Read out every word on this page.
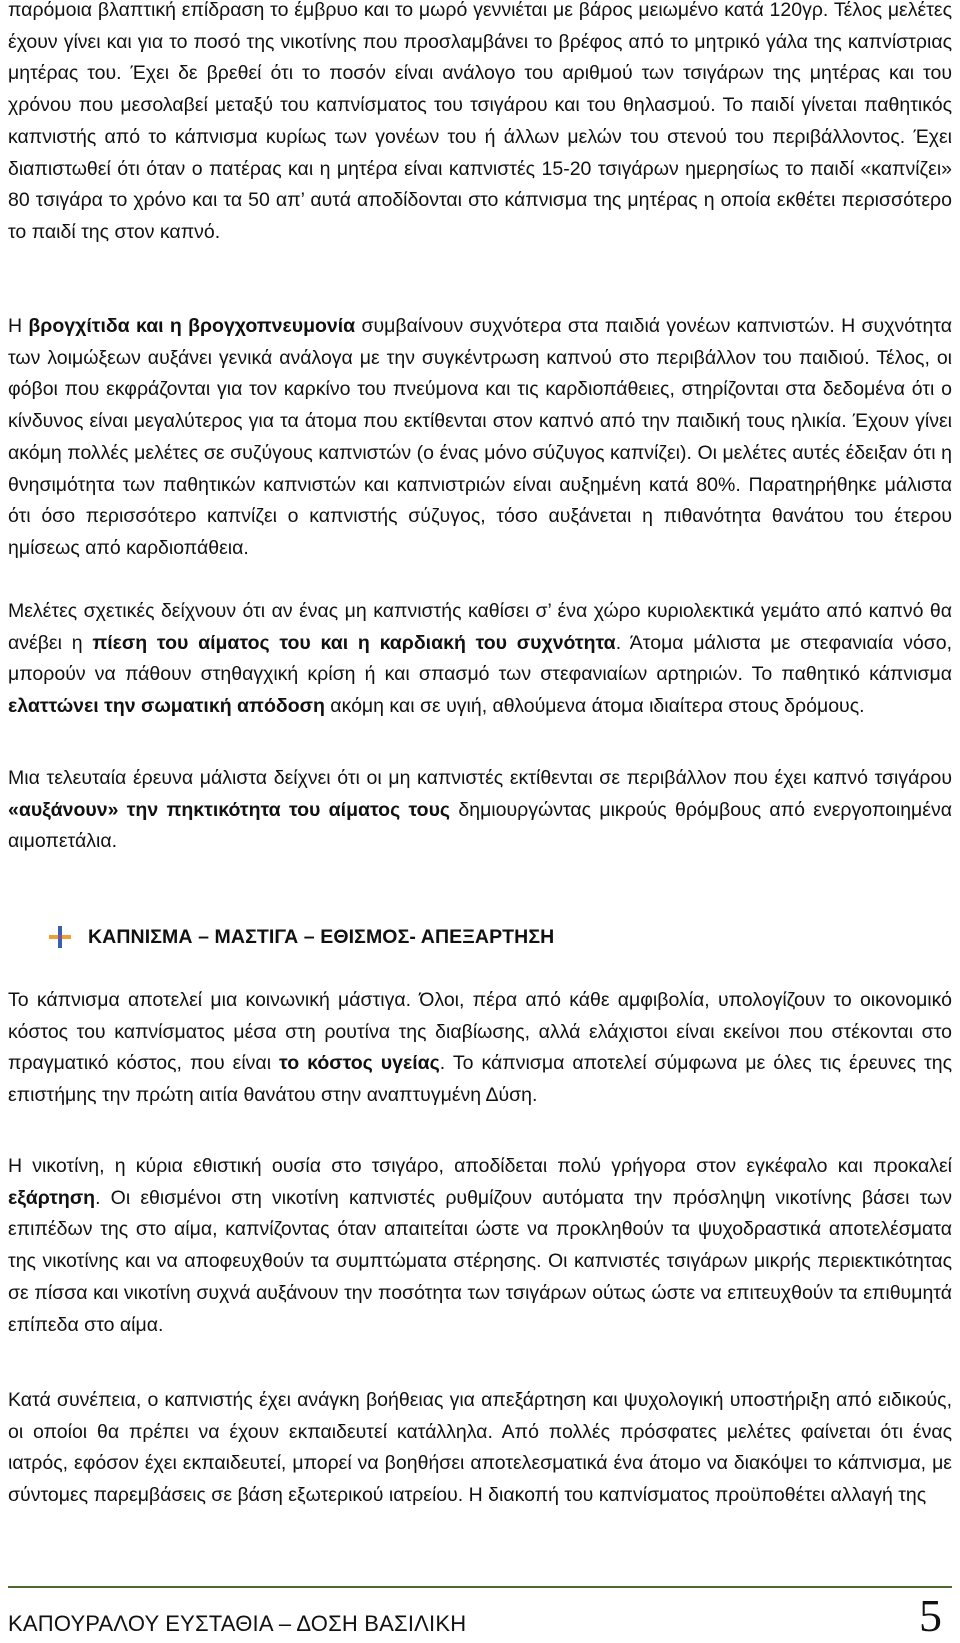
παρόμοια βλαπτική επίδραση το έμβρυο και το μωρό γεννιέται με βάρος μειωμένο κατά 120γρ. Τέλος μελέτες έχουν γίνει και για το ποσό της νικοτίνης που προσλαμβάνει το βρέφος από το μητρικό γάλα της καπνίστριας μητέρας του. Έχει δε βρεθεί ότι το ποσόν είναι ανάλογο του αριθμού των τσιγάρων της μητέρας και του χρόνου που μεσολαβεί μεταξύ του καπνίσματος του τσιγάρου και του θηλασμού. Το παιδί γίνεται παθητικός καπνιστής από το κάπνισμα κυρίως των γονέων του ή άλλων μελών του στενού του περιβάλλοντος. Έχει διαπιστωθεί ότι όταν ο πατέρας και η μητέρα είναι καπνιστές 15-20 τσιγάρων ημερησίως το παιδί «καπνίζει» 80 τσιγάρα το χρόνο και τα 50 απ’ αυτά αποδίδονται στο κάπνισμα της μητέρας η οποία εκθέτει περισσότερο το παιδί της στον καπνό.

Η βρογχίτιδα και η βρογχοπνευμονία συμβαίνουν συχνότερα στα παιδιά γονέων καπνιστών. Η συχνότητα των λοιμώξεων αυξάνει γενικά ανάλογα με την συγκέντρωση καπνού στο περιβάλλον του παιδιού. Τέλος, οι φόβοι που εκφράζονται για τον καρκίνο του πνεύμονα και τις καρδιοπάθειες, στηρίζονται στα δεδομένα ότι ο κίνδυνος είναι μεγαλύτερος για τα άτομα που εκτίθενται στον καπνό από την παιδική τους ηλικία. Έχουν γίνει ακόμη πολλές μελέτες σε συζύγους καπνιστών (ο ένας μόνο σύζυγος καπνίζει). Οι μελέτες αυτές έδειξαν ότι η θνησιμότητα των παθητικών καπνιστών και καπνιστριών είναι αυξημένη κατά 80%. Παρατηρήθηκε μάλιστα ότι όσο περισσότερο καπνίζει ο καπνιστής σύζυγος, τόσο αυξάνεται η πιθανότητα θανάτου του έτερου ημίσεως από καρδιοπάθεια.

Μελέτες σχετικές δείχνουν ότι αν ένας μη καπνιστής καθίσει σ’ ένα χώρο κυριολεκτικά γεμάτο από καπνό θα ανέβει η πίεση του αίματος του και η καρδιακή του συχνότητα. Άτομα μάλιστα με στεφανιαία νόσο, μπορούν να πάθουν στηθαγχική κρίση ή και σπασμό των στεφανιαίων αρτηριών. Το παθητικό κάπνισμα ελαττώνει την σωματική απόδοση ακόμη και σε υγιή, αθλούμενα άτομα ιδιαίτερα στους δρόμους.

Μια τελευταία έρευνα μάλιστα δείχνει ότι οι μη καπνιστές εκτίθενται σε περιβάλλον που έχει καπνό τσιγάρου «αυξάνουν» την πηκτικότητα του αίματος τους δημιουργώντας μικρούς θρόμβους από ενεργοποιημένα αιμοπετάλια.

ΚΑΠΝΙΣΜΑ – ΜΑΣΤΙΓΑ – ΕΘΙΣΜΟΣ- ΑΠΕΞΑΡΤΗΣΗ

Το κάπνισμα αποτελεί μια κοινωνική μάστιγα. Όλοι, πέρα από κάθε αμφιβολία, υπολογίζουν το οικονομικό κόστος του καπνίσματος μέσα στη ρουτίνα της διαβίωσης, αλλά ελάχιστοι είναι εκείνοι που στέκονται στο πραγματικό κόστος, που είναι το κόστος υγείας. Το κάπνισμα αποτελεί σύμφωνα με όλες τις έρευνες της επιστήμης την πρώτη αιτία θανάτου στην αναπτυγμένη Δύση.

Η νικοτίνη, η κύρια εθιστική ουσία στο τσιγάρο, αποδίδεται πολύ γρήγορα στον εγκέφαλο και προκαλεί εξάρτηση. Οι εθισμένοι στη νικοτίνη καπνιστές ρυθμίζουν αυτόματα την πρόσληψη νικοτίνης βάσει των επιπέδων της στο αίμα, καπνίζοντας όταν απαιτείται ώστε να προκληθούν τα ψυχοδραστικά αποτελέσματα της νικοτίνης και να αποφευχθούν τα συμπτώματα στέρησης. Οι καπνιστές τσιγάρων μικρής περιεκτικότητας σε πίσσα και νικοτίνη συχνά αυξάνουν την ποσότητα των τσιγάρων ούτως ώστε να επιτευχθούν τα επιθυμητά επίπεδα στο αίμα.

Κατά συνέπεια, ο καπνιστής έχει ανάγκη βοήθειας για απεξάρτηση και ψυχολογική υποστήριξη από ειδικούς, οι οποίοι θα πρέπει να έχουν εκπαιδευτεί κατάλληλα. Από πολλές πρόσφατες μελέτες φαίνεται ότι ένας ιατρός, εφόσον έχει εκπαιδευτεί, μπορεί να βοηθήσει αποτελεσματικά ένα άτομο να διακόψει το κάπνισμα, με σύντομες παρεμβάσεις σε βάση εξωτερικού ιατρείου. Η διακοπή του καπνίσματος προϋποθέτει αλλαγή της

ΚΑΠΟΥΡΑΛΟΥ ΕΥΣΤΑΘΙΑ – ΔΟΣΗ ΒΑΣΙΛΙΚΗ	5
